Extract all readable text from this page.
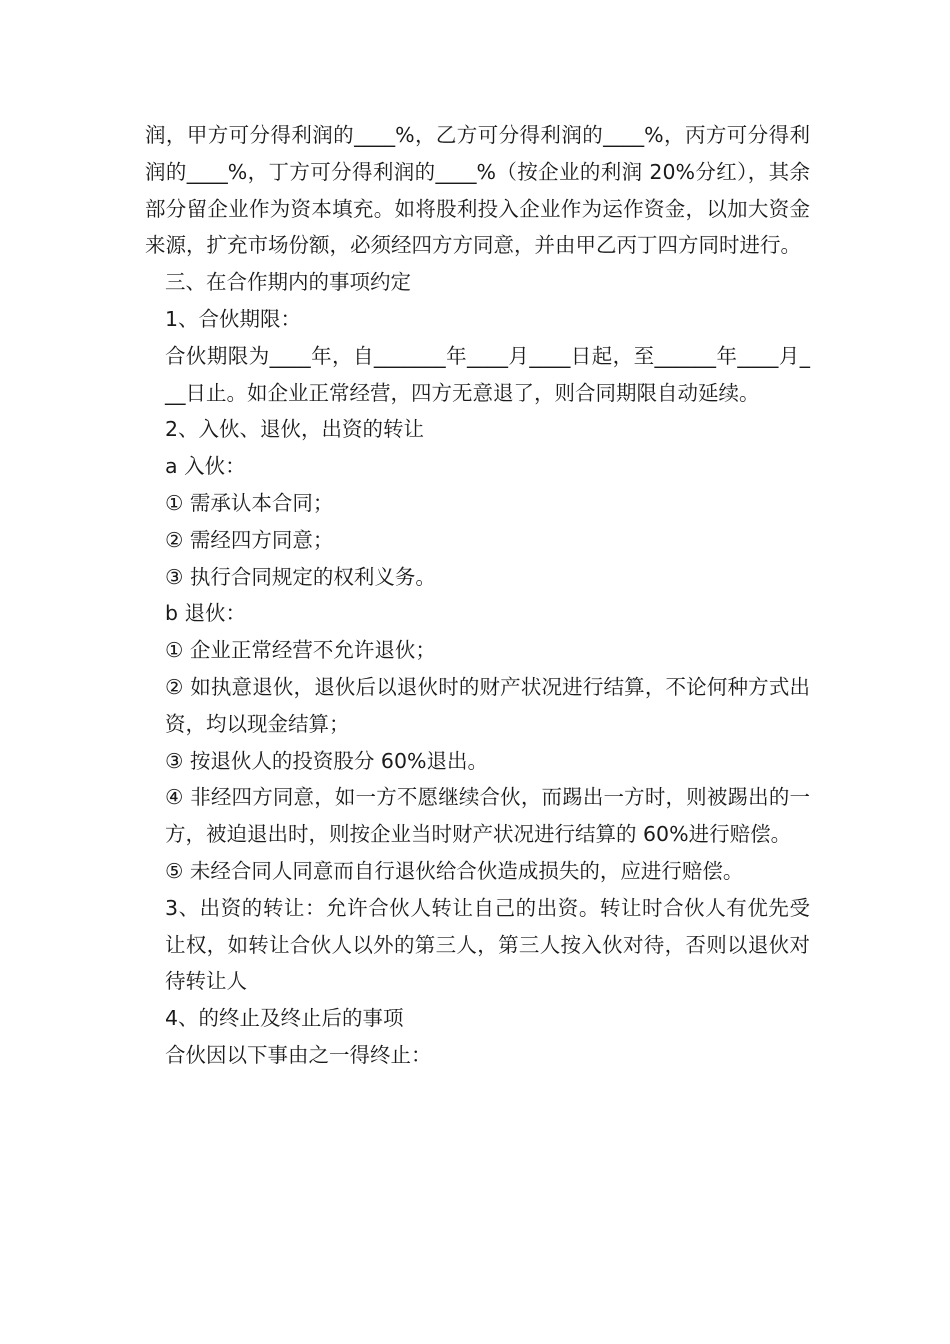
润，甲方可分得利润的____%，乙方可分得利润的____%，丙方可分得利润的____%，丁方可分得利润的____%（按企业的利润 20%分红），其余部分留企业作为资本填充。如将股利投入企业作为运作资金，以加大资金来源，扩充市场份额，必须经四方方同意，并由甲乙丙丁四方同时进行。

三、在合作期内的事项约定

1、合伙期限：

合伙期限为____年，自_______年____月____日起，至______年____月___日止。如企业正常经营，四方无意退了，则合同期限自动延续。

2、入伙、退伙，出资的转让

a 入伙：

① 需承认本合同；

② 需经四方同意；

③ 执行合同规定的权利义务。

b 退伙：

① 企业正常经营不允许退伙；

② 如执意退伙，退伙后以退伙时的财产状况进行结算，不论何种方式出资，均以现金结算；

③ 按退伙人的投资股分 60%退出。

④ 非经四方同意，如一方不愿继续合伙，而踢出一方时，则被踢出的一方，被迫退出时，则按企业当时财产状况进行结算的 60%进行赔偿。

⑤ 未经合同人同意而自行退伙给合伙造成损失的，应进行赔偿。

3、出资的转让：允许合伙人转让自己的出资。转让时合伙人有优先受让权，如转让合伙人以外的第三人，第三人按入伙对待，否则以退伙对待转让人

4、的终止及终止后的事项

合伙因以下事由之一得终止：
